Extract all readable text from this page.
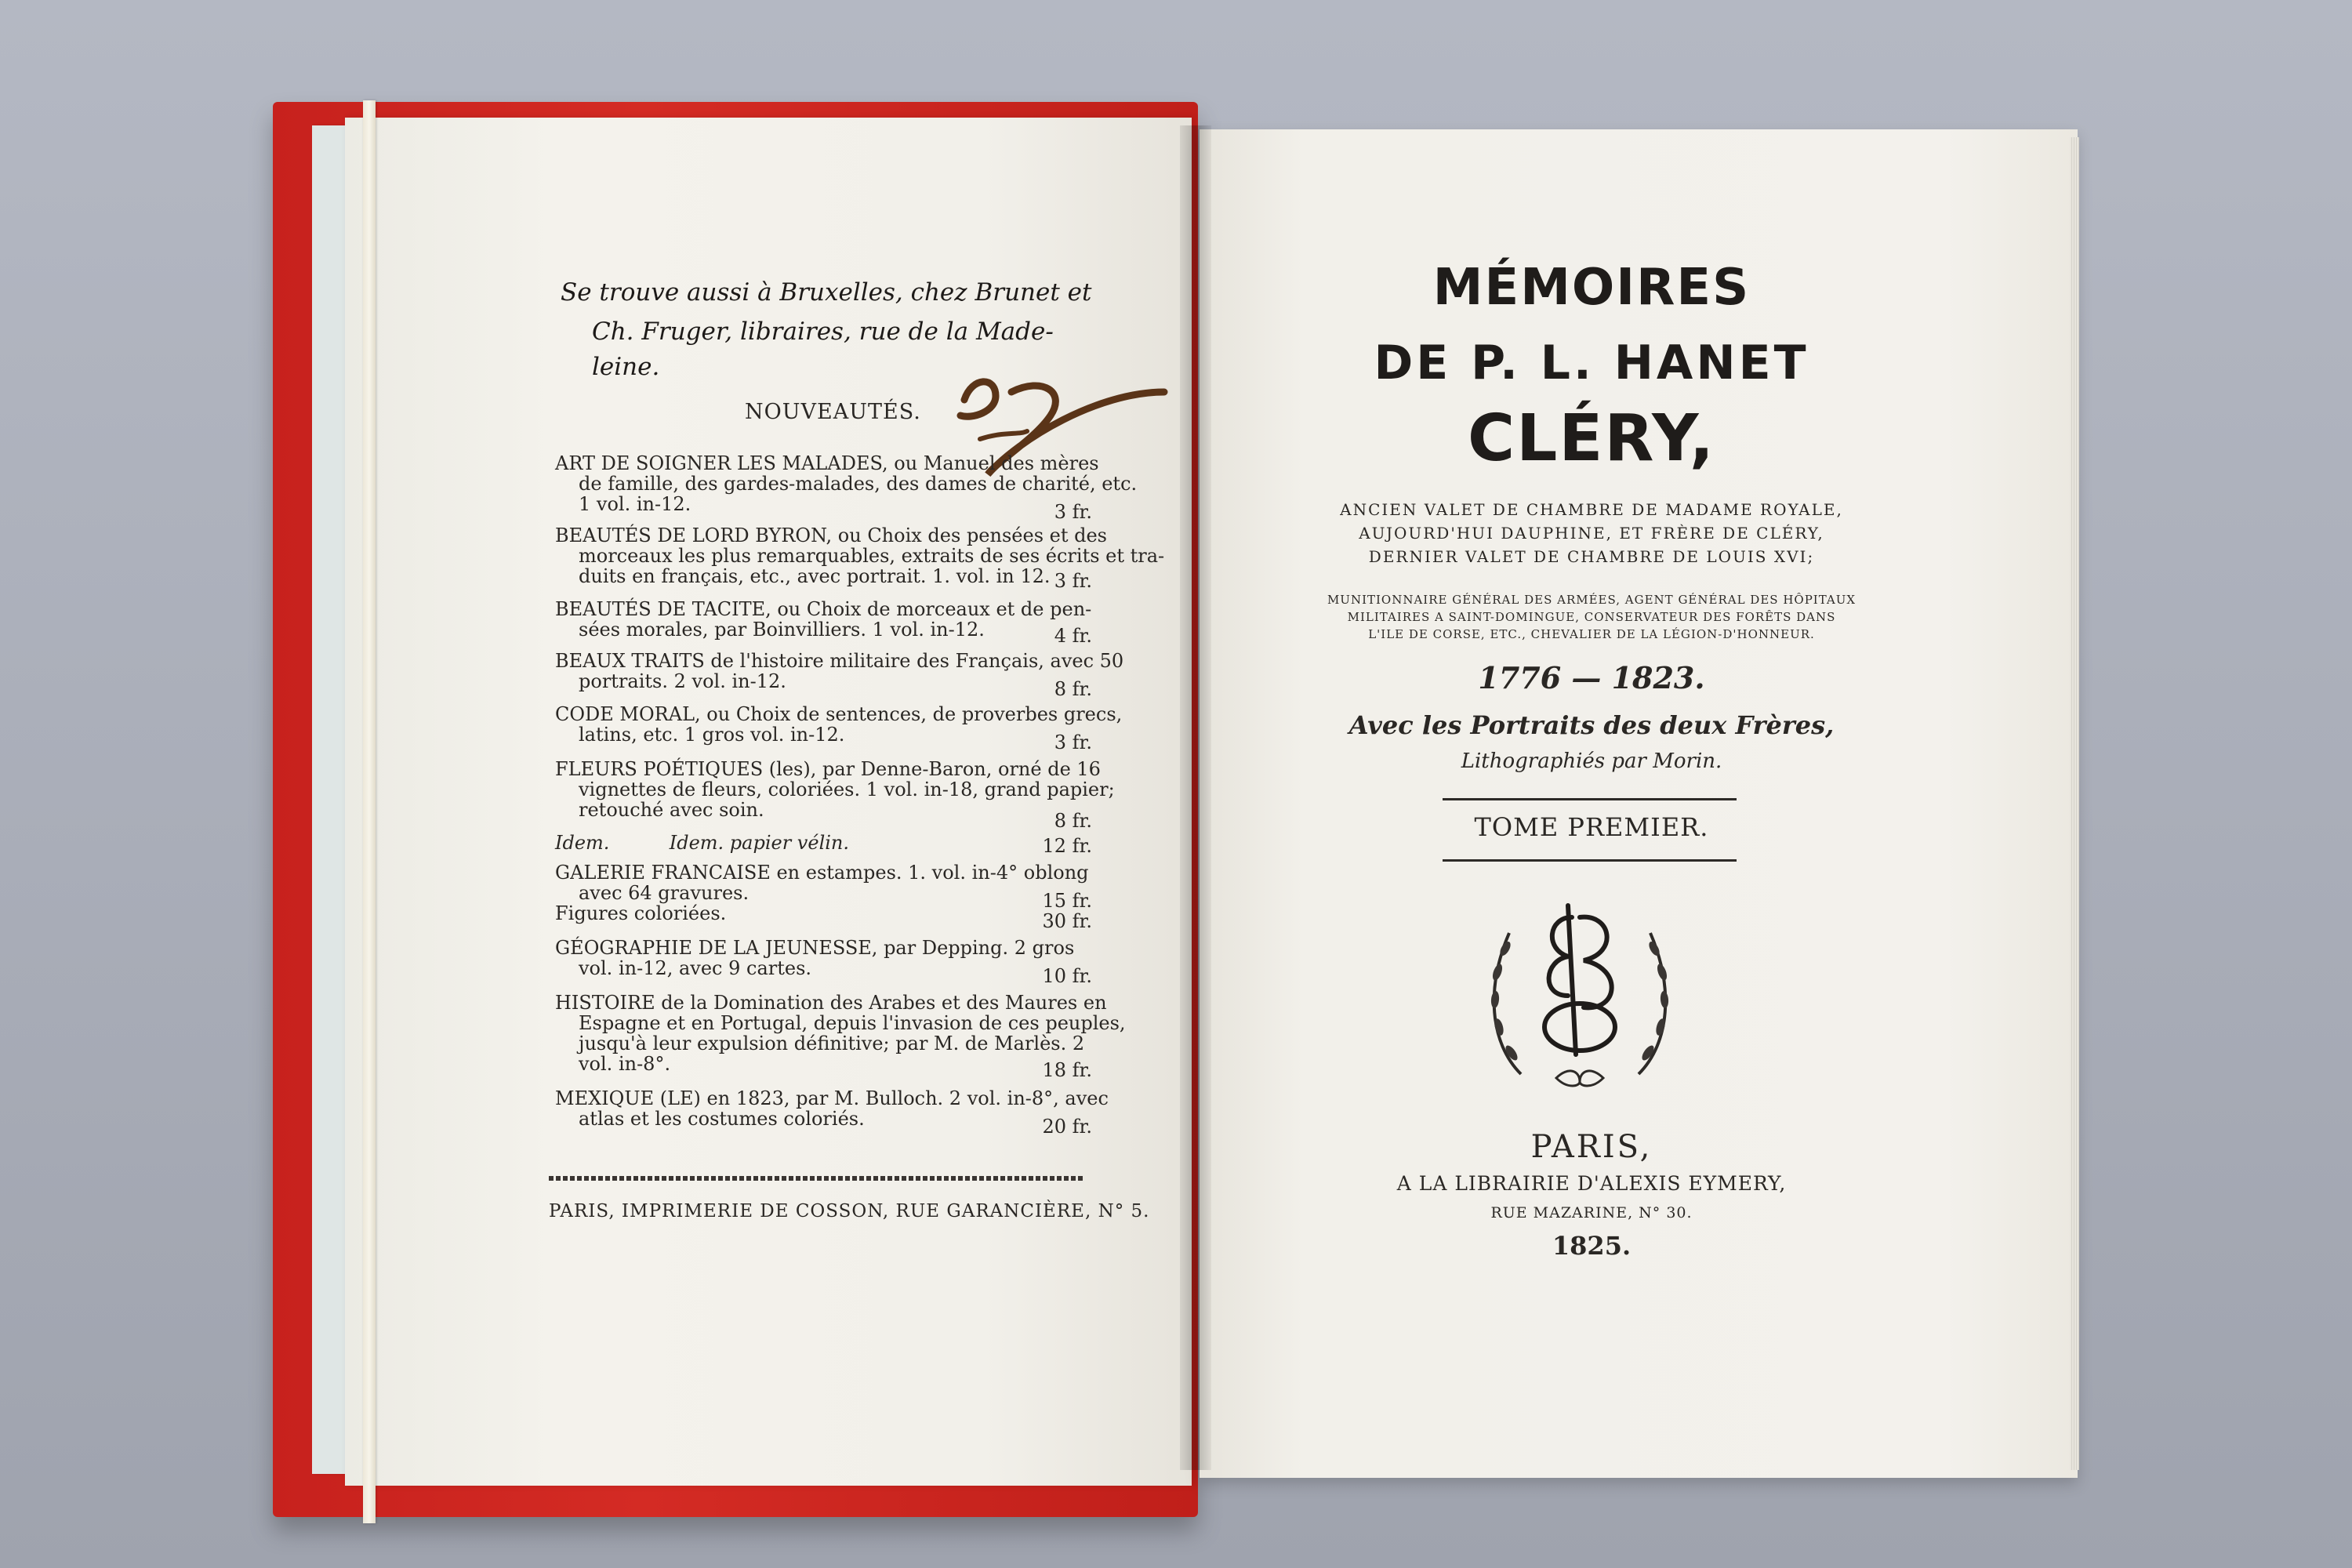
Se trouve aussi à Bruxelles, chez Brunet et
Ch. Fruger, libraires, rue de la Made-
leine.
NOUVEAUTÉS.
ART DE SOIGNER LES MALADES, ou Manuel des mères
de famille, des gardes-malades, des dames de charité, etc.
1 vol. in-12.	3 fr.
BEAUTÉS DE LORD BYRON, ou Choix des pensées et des
morceaux les plus remarquables, extraits de ses écrits et tra-
duits en français, etc., avec portrait. 1. vol. in 12. 3 fr.
BEAUTÉS DE TACITE, ou Choix de morceaux et de pen-
sées morales, par Boinvilliers. 1 vol. in-12.	4 fr.
BEAUX TRAITS de l'histoire militaire des Français, avec 50
portraits. 2 vol. in-12.	8 fr.
CODE MORAL, ou Choix de sentences, de proverbes grecs,
latins, etc. 1 gros vol. in-12.	3 fr.
FLEURS POÉTIQUES (les), par Denne-Baron, orné de 16
vignettes de fleurs, coloriées. 1 vol. in-18, grand papier;
retouché avec soin.	8 fr.
Idem.          Idem. papier vélin.	12 fr.
GALERIE FRANCAISE en estampes. 1. vol. in-4° oblong
avec 64 gravures.	15 fr.
Figures coloriées.	30 fr.
GÉOGRAPHIE DE LA JEUNESSE, par Depping. 2 gros
vol. in-12, avec 9 cartes.	10 fr.
HISTOIRE de la Domination des Arabes et des Maures en
Espagne et en Portugal, depuis l'invasion de ces peuples,
jusqu'à leur expulsion définitive; par M. de Marlès. 2
vol. in-8°.	18 fr.
MEXIQUE (LE) en 1823, par M. Bulloch. 2 vol. in-8°, avec
atlas et les costumes coloriés.	20 fr.
PARIS, IMPRIMERIE DE COSSON, RUE GARANCIÈRE, N° 5.
MÉMOIRES
DE P. L. HANET
CLÉRY,
ANCIEN VALET DE CHAMBRE DE MADAME ROYALE,
AUJOURD'HUI DAUPHINE, ET FRÈRE DE CLÉRY,
DERNIER VALET DE CHAMBRE DE LOUIS XVI;
MUNITIONNAIRE GÉNÉRAL DES ARMÉES, AGENT GÉNÉRAL DES HÔPITAUX
MILITAIRES A SAINT-DOMINGUE, CONSERVATEUR DES FORÊTS DANS
L'ILE DE CORSE, ETC., CHEVALIER DE LA LÉGION-D'HONNEUR.
1776 — 1823.
Avec les Portraits des deux Frères,
Lithographiés par Morin.
TOME PREMIER.
PARIS,
A LA LIBRAIRIE D'ALEXIS EYMERY,
RUE MAZARINE, N° 30.
1825.
